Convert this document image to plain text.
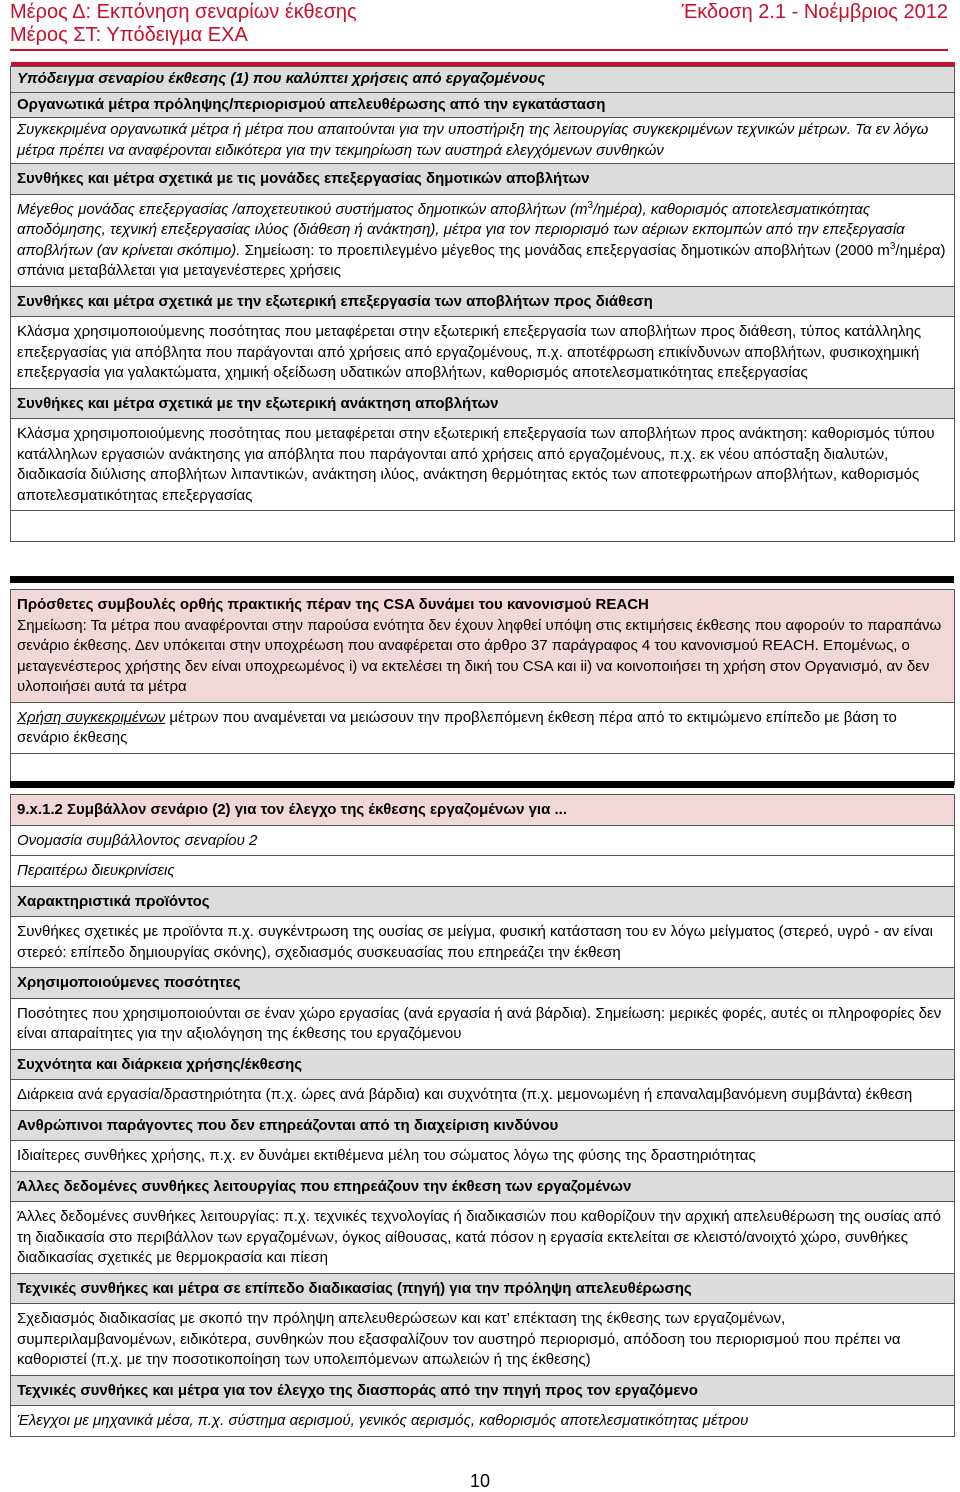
Μέρος Δ: Εκπόνηση σεναρίων έκθεσης
Μέρος ΣΤ: Υπόδειγμα ΕΧΑ
Έκδοση 2.1 - Νοέμβριος 2012

Υπόδειγμα σεναρίου έκθεσης (1) που καλύπτει χρήσεις από εργαζομένους
Οργανωτικά μέτρα πρόληψης/περιορισμού απελευθέρωσης από την εγκατάσταση
Συγκεκριμένα οργανωτικά μέτρα ή μέτρα που απαιτούνται για την υποστήριξη της λειτουργίας συγκεκριμένων τεχνικών μέτρων. Τα εν λόγω μέτρα πρέπει να αναφέρονται ειδικότερα για την τεκμηρίωση των αυστηρά ελεγχόμενων συνθηκών
Συνθήκες και μέτρα σχετικά με τις μονάδες επεξεργασίας δημοτικών αποβλήτων
Μέγεθος μονάδας επεξεργασίας /αποχετευτικού συστήματος δημοτικών αποβλήτων $(m^3/\eta\mu έ\rho\alpha)$, καθορισμός αποτελεσματικότητας αποδόμησης, τεχνική επεξεργασίας ιλύος (διάθεση ή ανάκτηση), μέτρα για τον περιορισμό των αέριων εκπομπών από την επεξεργασία αποβλήτων (αν κρίνεται σκόπιμο). Σημείωση: το προεπιλεγμένο μέγεθος της μονάδας επεξεργασίας δημοτικών αποβλήτων (2000 $m^3/\eta\mu έ\rho\alpha$) σπάνια μεταβάλλεται για μεταγενέστερες χρήσεις
Συνθήκες και μέτρα σχετικά με την εξωτερική επεξεργασία των αποβλήτων προς διάθεση
Κλάσμα χρησιμοποιούμενης ποσότητας που μεταφέρεται στην εξωτερική επεξεργασία των αποβλήτων προς διάθεση, τύπος κατάλληλης επεξεργασίας για απόβλητα που παράγονται από χρήσεις από εργαζομένους, π.χ. αποτέφρωση επικίνδυνων αποβλήτων, φυσικοχημική επεξεργασία για γαλακτώματα, χημική οξείδωση υδατικών αποβλήτων, καθορισμός αποτελεσματικότητας επεξεργασίας
Συνθήκες και μέτρα σχετικά με την εξωτερική ανάκτηση αποβλήτων
Κλάσμα χρησιμοποιούμενης ποσότητας που μεταφέρεται στην εξωτερική επεξεργασία των αποβλήτων προς ανάκτηση: καθορισμός τύπου κατάλληλων εργασιών ανάκτησης για απόβλητα που παράγονται από χρήσεις από εργαζομένους, π.χ. εκ νέου απόσταξη διαλυτών, διαδικασία διύλισης αποβλήτων λιπαντικών, ανάκτηση ιλύος, ανάκτηση θερμότητας εκτός των αποτεφρωτήρων αποβλήτων, καθορισμός αποτελεσματικότητας επεξεργασίας

Πρόσθετες συμβουλές ορθής πρακτικής πέραν της CSA δυνάμει του κανονισμού REACH
Σημείωση: Τα μέτρα που αναφέρονται στην παρούσα ενότητα δεν έχουν ληφθεί υπόψη στις εκτιμήσεις έκθεσης που αφορούν το παραπάνω σενάριο έκθεσης. Δεν υπόκειται στην υποχρέωση που αναφέρεται στο άρθρο 37 παράγραφος 4 του κανονισμού REACH. Επομένως, ο μεταγενέστερος χρήστης δεν είναι υποχρεωμένος i) να εκτελέσει τη δική του CSA και ii) να κοινοποιήσει τη χρήση στον Οργανισμό, αν δεν υλοποιήσει αυτά τα μέτρα

Χρήση συγκεκριμένων μέτρων που αναμένεται να μειώσουν την προβλεπόμενη έκθεση πέρα από το εκτιμώμενο επίπεδο με βάση το σενάριο έκθεσης

9.x.1.2 Συμβάλλον σενάριο (2) για τον έλεγχο της έκθεσης εργαζομένων για ...
Ονομασία συμβάλλοντος σεναρίου 2
Περαιτέρω διευκρινίσεις
Χαρακτηριστικά προϊόντος
Συνθήκες σχετικές με προϊόντα π.χ. συγκέντρωση της ουσίας σε μείγμα, φυσική κατάσταση του εν λόγω μείγματος (στερεό, υγρό - αν είναι στερεό: επίπεδο δημιουργίας σκόνης), σχεδιασμός συσκευασίας που επηρεάζει την έκθεση
Χρησιμοποιούμενες ποσότητες
Ποσότητες που χρησιμοποιούνται σε έναν χώρο εργασίας (ανά εργασία ή ανά βάρδια). Σημείωση: μερικές φορές, αυτές οι πληροφορίες δεν είναι απαραίτητες για την αξιολόγηση της έκθεσης του εργαζόμενου
Συχνότητα και διάρκεια χρήσης/έκθεσης
Διάρκεια ανά εργασία/δραστηριότητα (π.χ. ώρες ανά βάρδια) και συχνότητα (π.χ. μεμονωμένη ή επαναλαμβανόμενη συμβάντα) έκθεση
Ανθρώπινοι παράγοντες που δεν επηρεάζονται από τη διαχείριση κινδύνου
Ιδιαίτερες συνθήκες χρήσης, π.χ. εν δυνάμει εκτιθέμενα μέλη του σώματος λόγω της φύσης της δραστηριότητας
Άλλες δεδομένες συνθήκες λειτουργίας που επηρεάζουν την έκθεση των εργαζομένων
Άλλες δεδομένες συνθήκες λειτουργίας: π.χ. τεχνικές τεχνολογίας ή διαδικασιών που καθορίζουν την αρχική απελευθέρωση της ουσίας από τη διαδικασία στο περιβάλλον των εργαζομένων, όγκος αίθουσας, κατά πόσον η εργασία εκτελείται σε κλειστό/ανοιχτό χώρο, συνθήκες διαδικασίας σχετικές με θερμοκρασία και πίεση
Τεχνικές συνθήκες και μέτρα σε επίπεδο διαδικασίας (πηγή) για την πρόληψη απελευθέρωσης
Σχεδιασμός διαδικασίας με σκοπό την πρόληψη απελευθερώσεων και κατ’ επέκταση της έκθεσης των εργαζομένων, συμπεριλαμβανομένων, ειδικότερα, συνθηκών που εξασφαλίζουν τον αυστηρό περιορισμό, απόδοση του περιορισμού που πρέπει να καθοριστεί (π.χ. με την ποσοτικοποίηση των υπολειπόμενων απωλειών ή της έκθεσης)
Τεχνικές συνθήκες και μέτρα για τον έλεγχο της διασποράς από την πηγή προς τον εργαζόμενο
Έλεγχοι με μηχανικά μέσα, π.χ. σύστημα αερισμού, γενικός αερισμός, καθορισμός αποτελεσματικότητας μέτρου
10
